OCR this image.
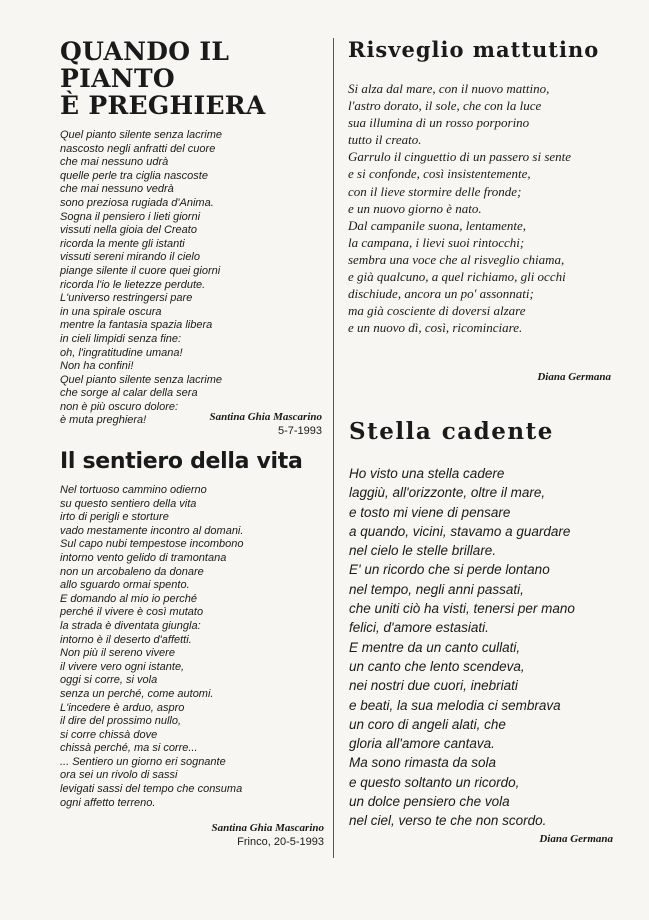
QUANDO IL PIANTO
È PREGHIERA
Quel pianto silente senza lacrime
nascosto negli anfratti del cuore
che mai nessuno udrà
quelle perle tra ciglia nascoste
che mai nessuno vedrà
sono preziosa rugiada d'Anima.
Sogna il pensiero i lieti giorni
vissuti nella gioia del Creato
ricorda la mente gli istanti
vissuti sereni mirando il cielo
piange silente il cuore quei giorni
ricorda l'io le lietezze perdute.
L'universo restringersi pare
in una spirale oscura
mentre la fantasia spazia libera
in cieli limpidi senza fine:
oh, l'ingratitudine umana!
Non ha confini!
Quel pianto silente senza lacrime
che sorge al calar della sera
non è più oscuro dolore:
è muta preghiera!	Santina Ghia Mascarino
5-7-1993
Il sentiero della vita
Nel tortuoso cammino odierno
su questo sentiero della vita
irto di perigli e storture
vado mestamente incontro al domani.
Sul capo nubi tempestose incombono
intorno vento gelido di tramontana
non un arcobaleno da donare
allo sguardo ormai spento.
E domando al mio io perché
perché il vivere è così mutato
la strada è diventata giungla:
intorno è il deserto d'affetti.
Non più il sereno vivere
il vivere vero ogni istante,
oggi si corre, si vola
senza un perché, come automi.
L'incedere è arduo, aspro
il dire del prossimo nullo,
si corre chissà dove
chissà perché, ma si corre...
... Sentiero un giorno eri sognante
ora sei un rivolo di sassi
levigati sassi del tempo che consuma
ogni affetto terreno.
Santina Ghia Mascarino
Frinco, 20-5-1993
Risveglio mattutino
Si alza dal mare, con il nuovo mattino,
l'astro dorato, il sole, che con la luce
sua illumina di un rosso porporino
tutto il creato.
Garrulo il cinguettio di un passero si sente
e si confonde, così insistentemente,
con il lieve stormire delle fronde;
e un nuovo giorno è nato.
Dal campanile suona, lentamente,
la campana, i lievi suoi rintocchi;
sembra una voce che al risveglio chiama,
e già qualcuno, a quel richiamo, gli occhi
dischiude, ancora un po' assonnati;
ma già cosciente di doversi alzare
e un nuovo dì, così, ricominciare.
Diana Germana
Stella cadente
Ho visto una stella cadere
laggiù, all'orizzonte, oltre il mare,
e tosto mi viene di pensare
a quando, vicini, stavamo a guardare
nel cielo le stelle brillare.
E' un ricordo che si perde lontano
nel tempo, negli anni passati,
che uniti ciò ha visti, tenersi per mano
felici, d'amore estasiati.
E mentre da un canto cullati,
un canto che lento scendeva,
nei nostri due cuori, inebriati
e beati, la sua melodia ci sembrava
un coro di angeli alati, che
gloria all'amore cantava.
Ma sono rimasta da sola
e questo soltanto un ricordo,
un dolce pensiero che vola
nel ciel, verso te che non scordo.
Diana Germana
